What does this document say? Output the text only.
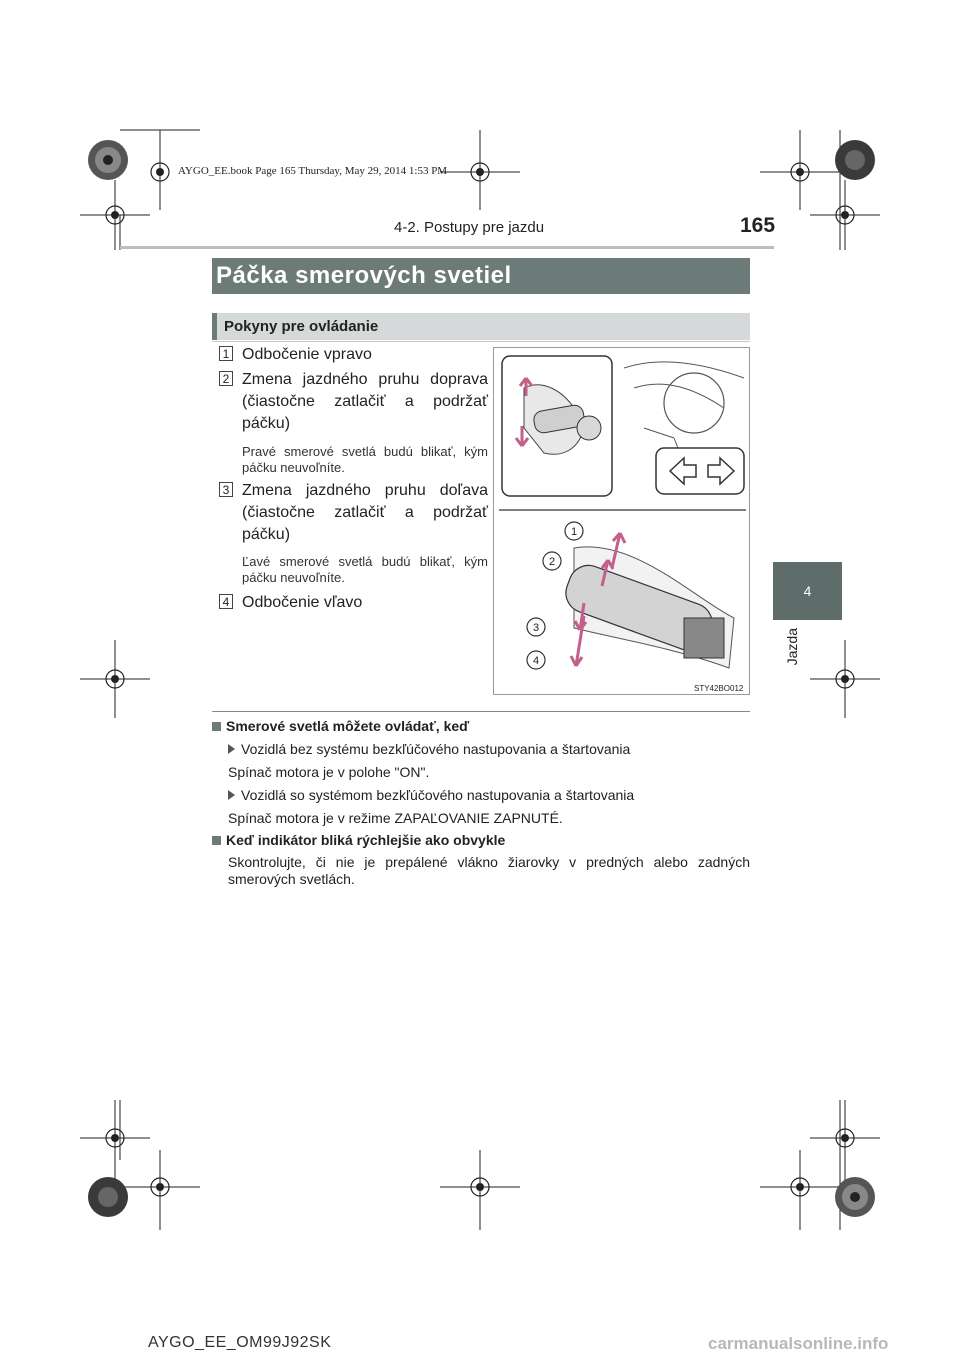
AYGO_EE.book Page 165 Thursday, May 29, 2014 1:53 PM
4-2. Postupy pre jazdu	165
4
Jazda
Páčka smerových svetiel
Pokyny pre ovládanie
1 Odbočenie vpravo
2 Zmena jazdného pruhu doprava (čiastočne zatlačiť a podržať páčku)
Pravé smerové svetlá budú blikať, kým páčku neuvoľníte.
3 Zmena jazdného pruhu doľava (čiastočne zatlačiť a podržať páčku)
Ľavé smerové svetlá budú blikať, kým páčku neuvoľníte.
4 Odbočenie vľavo
1
2
3
4
STY42BO012
Smerové svetlá môžete ovládať, keď
Vozidlá bez systému bezkľúčového nastupovania a štartovania
Spínač motora je v polohe "ON".
Vozidlá so systémom bezkľúčového nastupovania a štartovania
Spínač motora je v režime ZAPAĽOVANIE ZAPNUTÉ.
Keď indikátor bliká rýchlejšie ako obvykle
Skontrolujte, či nie je prepálené vlákno žiarovky v predných alebo zadných smerových svetlách.
AYGO_EE_OM99J92SK	carmanualsonline.info
